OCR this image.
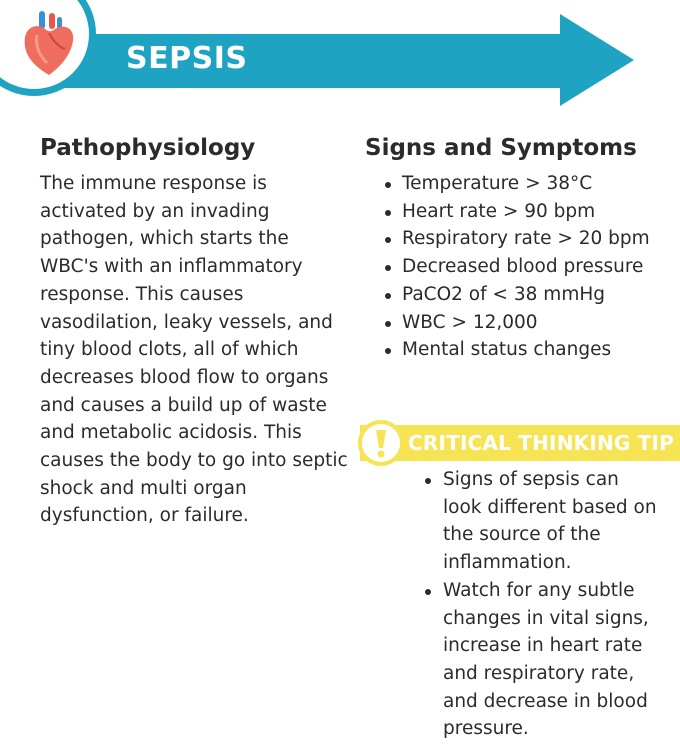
SEPSIS
Pathophysiology

The immune response is activated by an invading pathogen, which starts the WBC's with an inflammatory response. This causes vasodilation, leaky vessels, and tiny blood clots, all of which decreases blood flow to organs and causes a build up of waste and metabolic acidosis. This causes the body to go into septic shock and multi organ dysfunction, or failure.

Signs and Symptoms
Temperature > 38°C
Heart rate > 90 bpm
Respiratory rate > 20 bpm
Decreased blood pressure
PaCO2 of < 38 mmHg
WBC > 12,000
Mental status changes
CRITICAL THINKING TIP
Signs of sepsis can look different based on the source of the inflammation.
Watch for any subtle changes in vital signs, increase in heart rate and respiratory rate, and decrease in blood pressure.
